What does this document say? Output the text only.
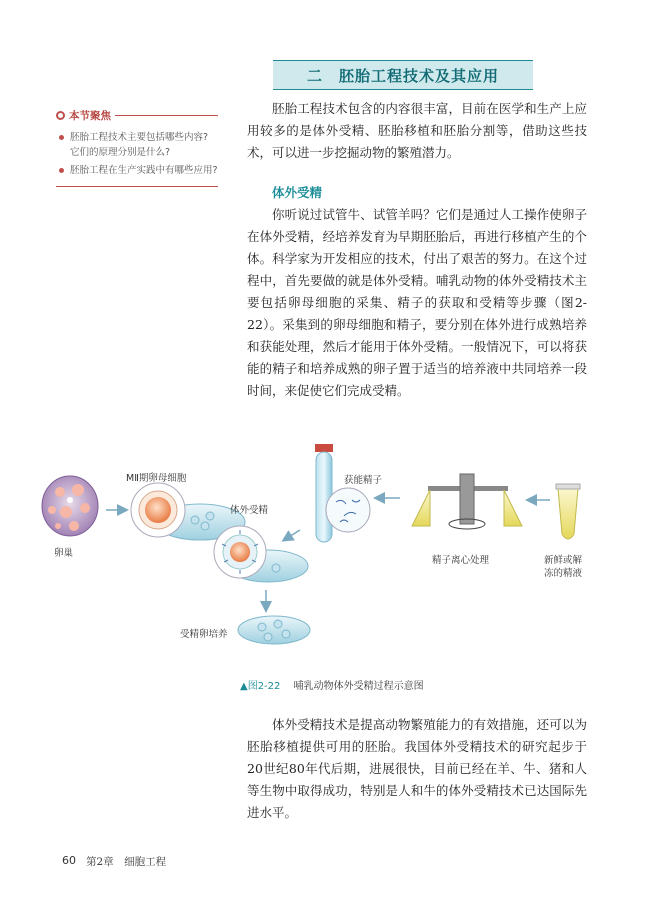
二　胚胎工程技术及其应用
本节聚焦
胚胎工程技术主要包括哪些内容? 它们的原理分别是什么?
胚胎工程在生产实践中有哪些应用?

胚胎工程技术包含的内容很丰富，目前在医学和生产上应用较多的是体外受精、胚胎移植和胚胎分割等，借助这些技术，可以进一步挖掘动物的繁殖潜力。

体外受精

你听说过试管牛、试管羊吗？它们是通过人工操作使卵子在体外受精，经培养发育为早期胚胎后，再进行移植产生的个体。科学家为开发相应的技术，付出了艰苦的努力。在这个过程中，首先要做的就是体外受精。哺乳动物的体外受精技术主要包括卵母细胞的采集、精子的获取和受精等步骤（图2-22）。采集到的卵母细胞和精子，要分别在体外进行成熟培养和获能处理，然后才能用于体外受精。一般情况下，可以将获能的精子和培养成熟的卵子置于适当的培养液中共同培养一段时间，来促使它们完成受精。

卵巢
MⅡ期卵母细胞
体外受精
获能精子
精子离心处理	新鲜或解
冻的精液
受精卵培养
▲图2-22 哺乳动物体外受精过程示意图

体外受精技术是提高动物繁殖能力的有效措施，还可以为胚胎移植提供可用的胚胎。我国体外受精技术的研究起步于20世纪80年代后期，进展很快，目前已经在羊、牛、猪和人等生物中取得成功，特别是人和牛的体外受精技术已达国际先进水平。

60 第2章　细胞工程
